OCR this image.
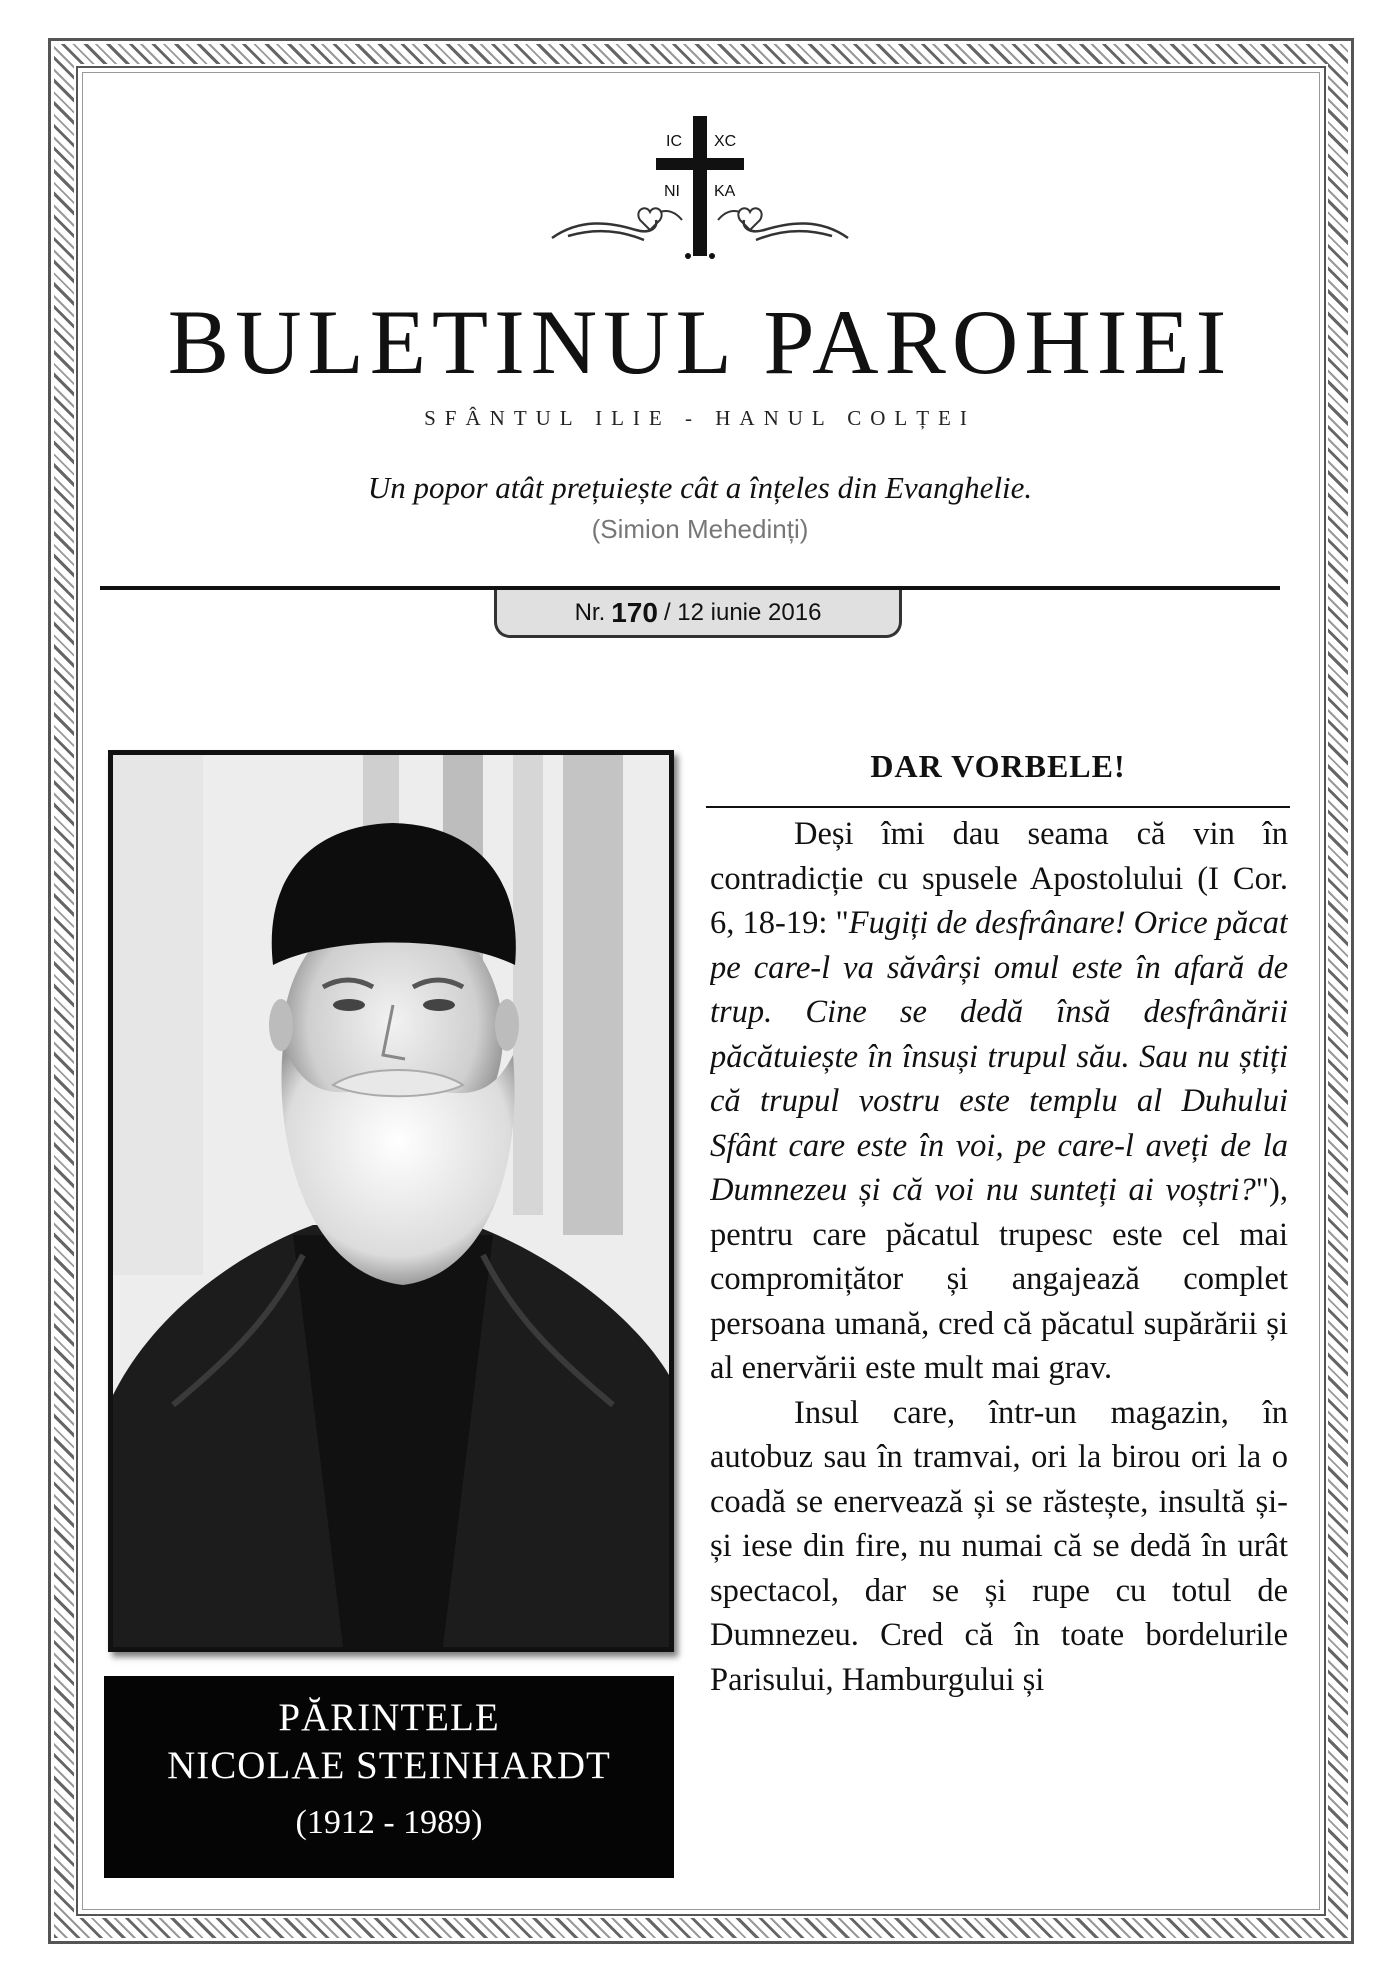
IC XC
NI KA
BULETINUL PAROHIEI
SFÂNTUL ILIE - HANUL COLȚEI
Un popor atât prețuiește cât a înțeles din Evanghelie.
(Simion Mehedinți)
Nr. 170 / 12 iunie 2016
PĂRINTELE
NICOLAE STEINHARDT
(1912 - 1989)
DAR VORBELE!

Deși îmi dau seama că vin în contradicție cu spusele Apostolului (I Cor. 6, 18-19: "Fugiți de desfrânare! Orice păcat pe care-l va săvârși omul este în afară de trup. Cine se dedă însă desfrânării păcătuiește în însuși trupul său. Sau nu știți că trupul vostru este templu al Duhului Sfânt care este în voi, pe care-l aveți de la Dumnezeu și că voi nu sunteți ai voștri?"), pentru care păcatul trupesc este cel mai compromițător și angajează complet persoana umană, cred că păcatul supărării și al enervării este mult mai grav.

Insul care, într-un magazin, în autobuz sau în tramvai, ori la birou ori la o coadă se enervează și se răstește, insultă și-și iese din fire, nu numai că se dedă în urât spectacol, dar se și rupe cu totul de Dumnezeu. Cred că în toate bordelurile Parisului, Hamburgului și
